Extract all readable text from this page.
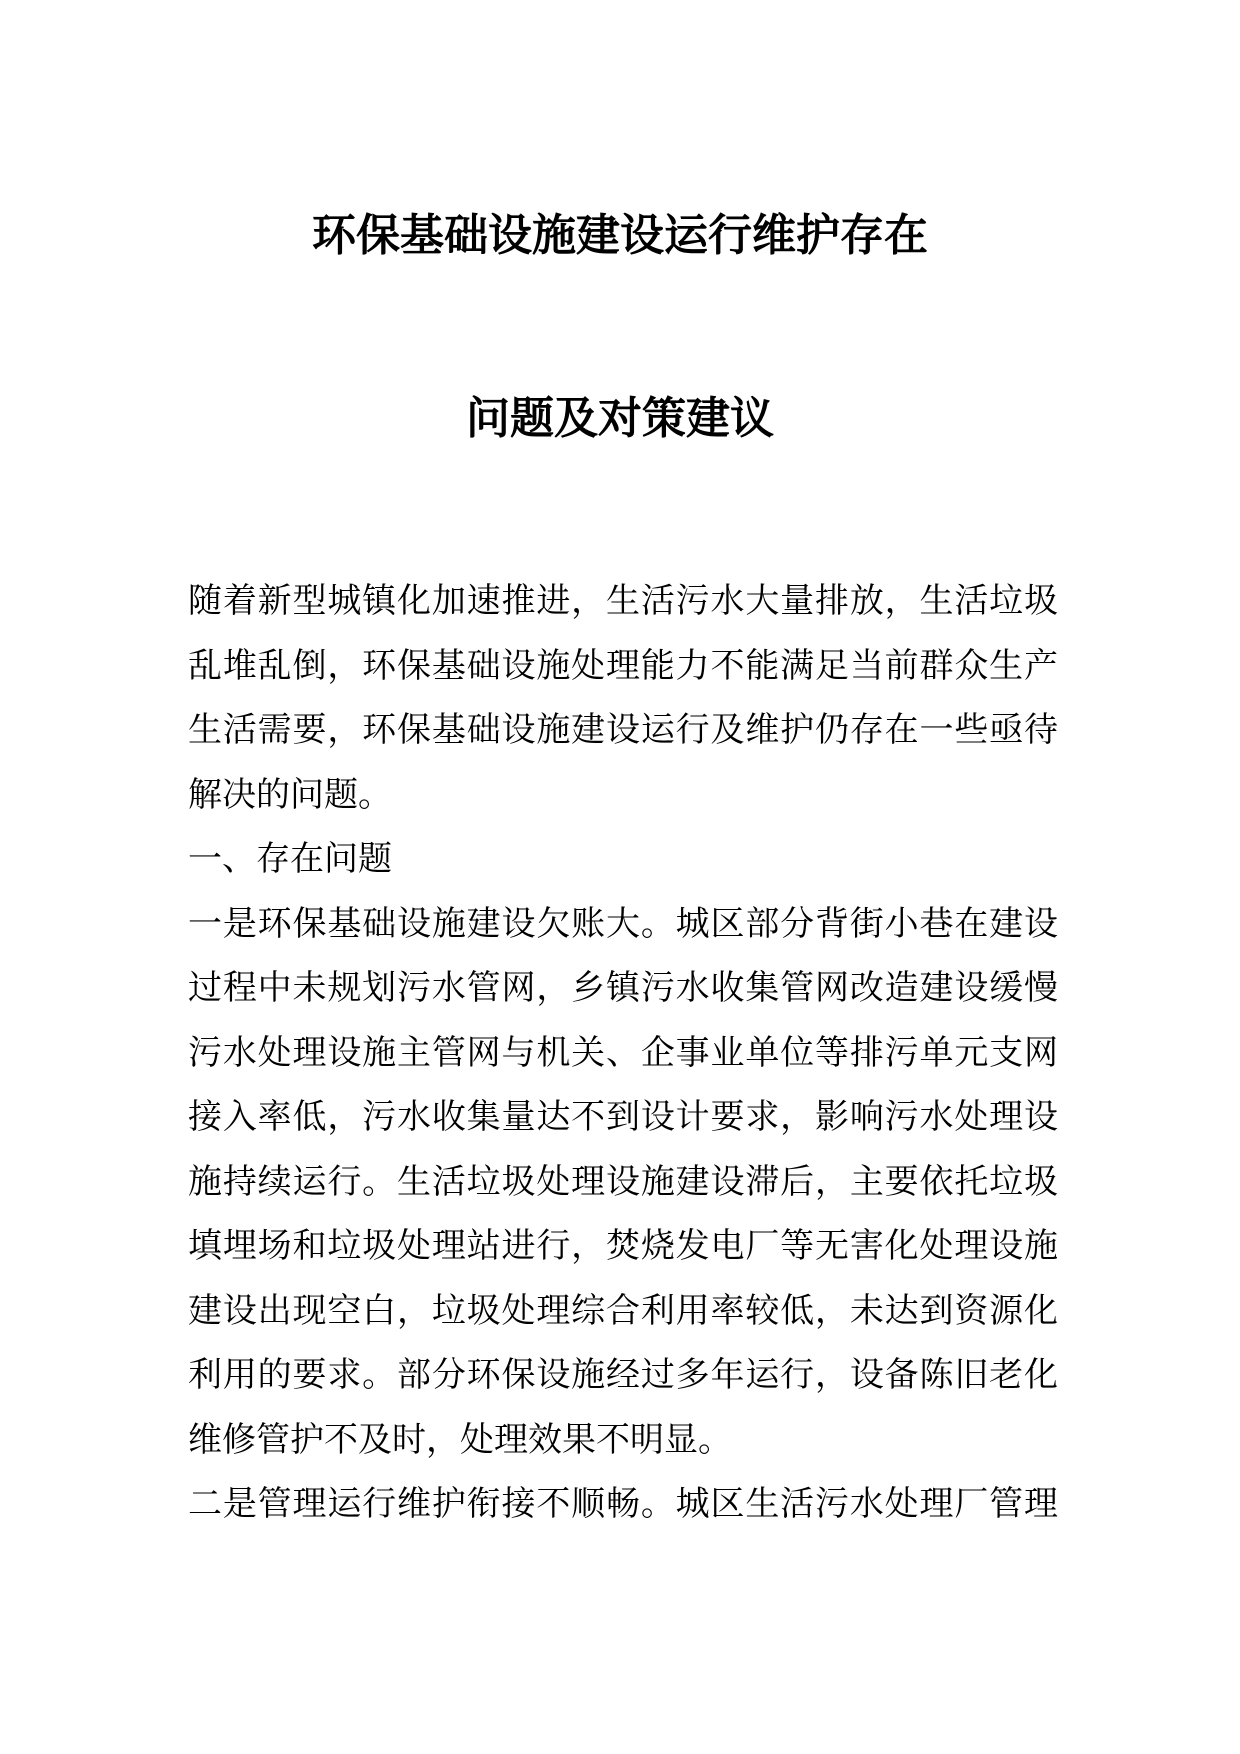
环保基础设施建设运行维护存在
问题及对策建议
随着新型城镇化加速推进，生活污水大量排放，生活垃圾
乱堆乱倒，环保基础设施处理能力不能满足当前群众生产
生活需要，环保基础设施建设运行及维护仍存在一些亟待
解决的问题。
一、存在问题
一是环保基础设施建设欠账大。城区部分背街小巷在建设
过程中未规划污水管网，乡镇污水收集管网改造建设缓慢
污水处理设施主管网与机关、企事业单位等排污单元支网
接入率低，污水收集量达不到设计要求，影响污水处理设
施持续运行。生活垃圾处理设施建设滞后，主要依托垃圾
填埋场和垃圾处理站进行，焚烧发电厂等无害化处理设施
建设出现空白，垃圾处理综合利用率较低，未达到资源化
利用的要求。部分环保设施经过多年运行，设备陈旧老化
维修管护不及时，处理效果不明显。
二是管理运行维护衔接不顺畅。城区生活污水处理厂管理
